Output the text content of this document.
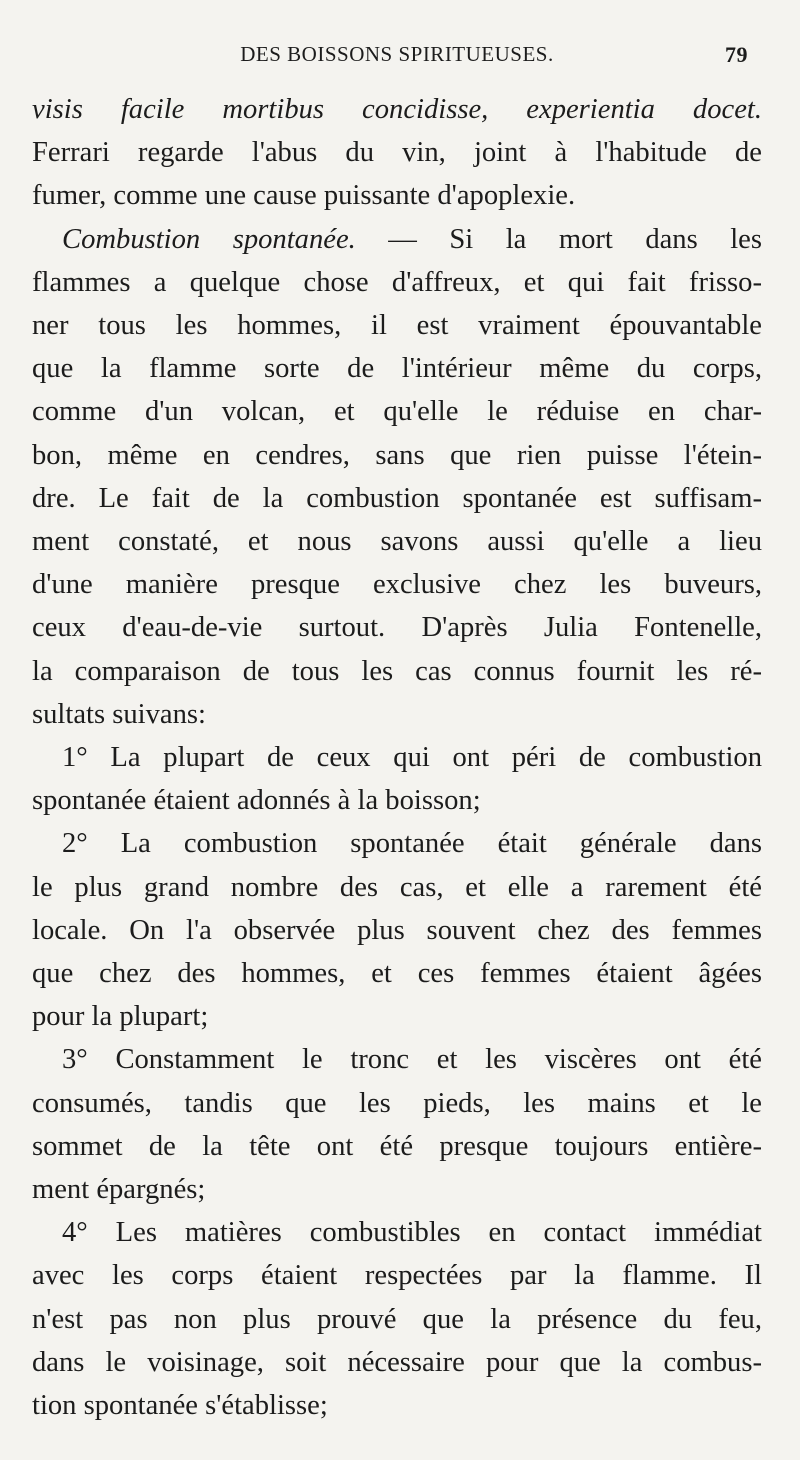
DES BOISSONS SPIRITUEUSES.	79
visis facile mortibus concidisse, experientia docet.
Ferrari regarde l'abus du vin, joint à l'habitude de
fumer, comme une cause puissante d'apoplexie.
Combustion spontanée. — Si la mort dans les
flammes a quelque chose d'affreux, et qui fait frisso-
ner tous les hommes, il est vraiment épouvantable
que la flamme sorte de l'intérieur même du corps,
comme d'un volcan, et qu'elle le réduise en char-
bon, même en cendres, sans que rien puisse l'étein-
dre. Le fait de la combustion spontanée est suffisam-
ment constaté, et nous savons aussi qu'elle a lieu
d'une manière presque exclusive chez les buveurs,
ceux d'eau-de-vie surtout. D'après Julia Fontenelle,
la comparaison de tous les cas connus fournit les ré-
sultats suivans:
1° La plupart de ceux qui ont péri de combustion
spontanée étaient adonnés à la boisson;
2° La combustion spontanée était générale dans
le plus grand nombre des cas, et elle a rarement été
locale. On l'a observée plus souvent chez des femmes
que chez des hommes, et ces femmes étaient âgées
pour la plupart;
3° Constamment le tronc et les viscères ont été
consumés, tandis que les pieds, les mains et le
sommet de la tête ont été presque toujours entière-
ment épargnés;
4° Les matières combustibles en contact immédiat
avec les corps étaient respectées par la flamme. Il
n'est pas non plus prouvé que la présence du feu,
dans le voisinage, soit nécessaire pour que la combus-
tion spontanée s'établisse;
